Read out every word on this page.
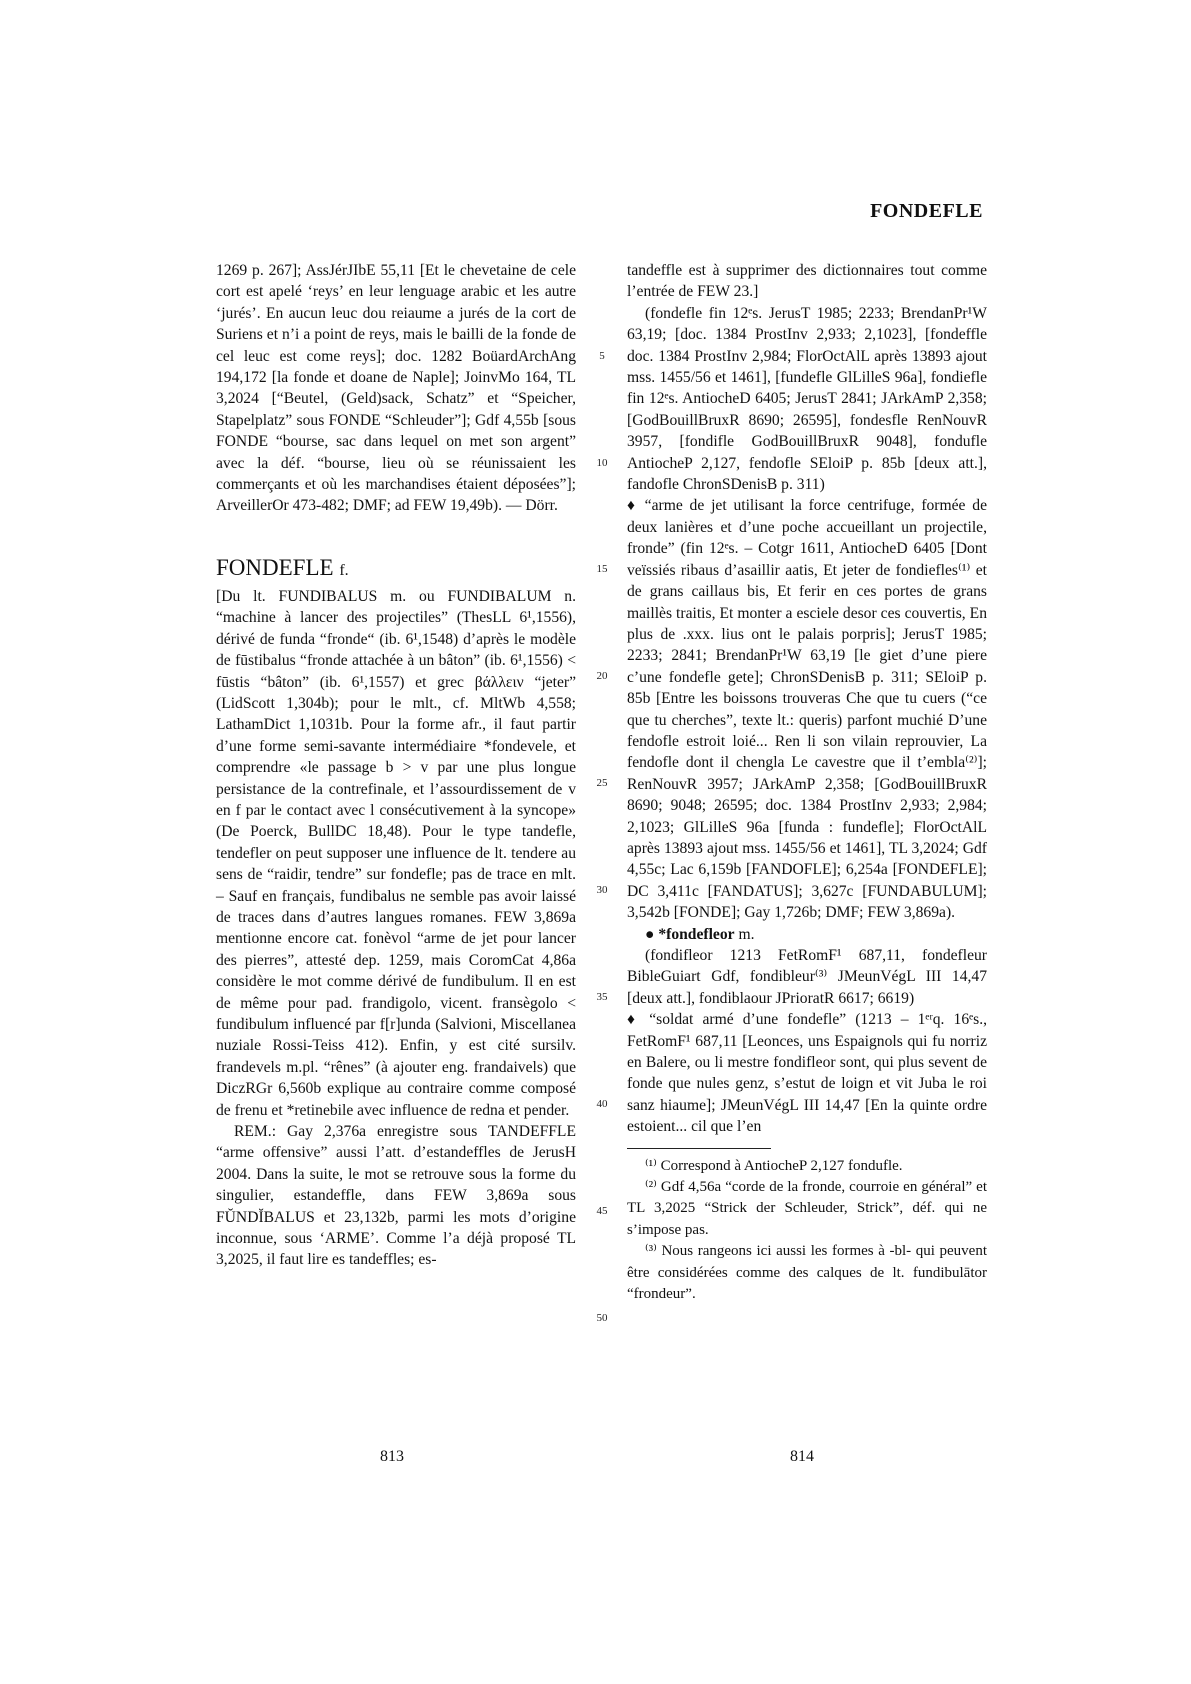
FONDEFLE

1269 p. 267]; AssJérJIbE 55,11 [Et le chevetaine de cele cort est apelé ‘reys’ en leur lenguage arabic et les autre ‘jurés’. En aucun leuc dou reiaume a jurés de la cort de Suriens et n’i a point de reys, mais le bailli de la fonde de cel leuc est come reys]; doc. 1282 BoüardArchAng 194,172 [la fonde et doane de Naple]; JoinvMo 164, TL 3,2024 [“Beutel, (Geld)sack, Schatz” et “Speicher, Stapelplatz” sous FONDE “Schleuder”]; Gdf 4,55b [sous FONDE “bourse, sac dans lequel on met son argent” avec la déf. “bourse, lieu où se réunissaient les commerçants et où les marchandises étaient déposées”]; ArveillerOr 473-482; DMF; ad FEW 19,49b). — Dörr.

FONDEFLE f.

[Du lt. FUNDIBALUS m. ou FUNDIBALUM n. “machine à lancer des projectiles” (ThesLL 6¹,1556), dérivé de funda “fronde“ (ib. 6¹,1548) d’après le modèle de fūstibalus “fronde attachée à un bâton” (ib. 6¹,1556) < fūstis “bâton” (ib. 6¹,1557) et grec βάλλειν “jeter” (LidScott 1,304b); pour le mlt., cf. MltWb 4,558; LathamDict 1,1031b. Pour la forme afr., il faut partir d’une forme semi-savante intermédiaire *fondevele, et comprendre «le passage b > v par une plus longue persistance de la contrefinale, et l’assourdissement de v en f par le contact avec l consécutivement à la syncope» (De Poerck, BullDC 18,48). Pour le type tandefle, tendefler on peut supposer une influence de lt. tendere au sens de “raidir, tendre” sur fondefle; pas de trace en mlt. – Sauf en français, fundibalus ne semble pas avoir laissé de traces dans d’autres langues romanes. FEW 3,869a mentionne encore cat. fonèvol “arme de jet pour lancer des pierres”, attesté dep. 1259, mais CoromCat 4,86a considère le mot comme dérivé de fundibulum. Il en est de même pour pad. frandigolo, vicent. fransègolo < fundibulum influencé par f[r]unda (Salvioni, Miscellanea nuziale Rossi-Teiss 412). Enfin, y est cité sursilv. frandevels m.pl. “rênes” (à ajouter eng. frandaivels) que DiczRGr 6,560b explique au contraire comme composé de frenu et *retinebile avec influence de redna et pender.

REM.: Gay 2,376a enregistre sous TANDEFFLE “arme offensive” aussi l’att. d’estandeffles de JerusH 2004. Dans la suite, le mot se retrouve sous la forme du singulier, estandeffle, dans FEW 3,869a sous FŬNDĬBALUS et 23,132b, parmi les mots d’origine inconnue, sous ‘ARME’. Comme l’a déjà proposé TL 3,2025, il faut lire es tandeffles; es-

5
10
15
20
25
30
35
40
45
50

tandeffle est à supprimer des dictionnaires tout comme l’entrée de FEW 23.]

(fondefle fin 12ᵉs. JerusT 1985; 2233; BrendanPr¹W 63,19; [doc. 1384 ProstInv 2,933; 2,1023], [fondeffle doc. 1384 ProstInv 2,984; FlorOctAlL après 13893 ajout mss. 1455/56 et 1461], [fundefle GlLilleS 96a], fondiefle fin 12ᵉs. AntiocheD 6405; JerusT 2841; JArkAmP 2,358; [GodBouillBruxR 8690; 26595], fondesfle RenNouvR 3957, [fondifle GodBouillBruxR 9048], fondufle AntiocheP 2,127, fendofle SEloiP p. 85b [deux att.], fandofle ChronSDenisB p. 311)

♦ “arme de jet utilisant la force centrifuge, formée de deux lanières et d’une poche accueillant un projectile, fronde” (fin 12ᵉs. – Cotgr 1611, AntiocheD 6405 [Dont veïssiés ribaus d’asaillir aatis, Et jeter de fondiefles⁽¹⁾ et de grans caillaus bis, Et ferir en ces portes de grans maillès traitis, Et monter a esciele desor ces couvertis, En plus de .xxx. lius ont le palais porpris]; JerusT 1985; 2233; 2841; BrendanPr¹W 63,19 [le giet d’une piere c’une fondefle gete]; ChronSDenisB p. 311; SEloiP p. 85b [Entre les boissons trouveras Che que tu cuers (“ce que tu cherches”, texte lt.: queris) parfont muchié D’une fendofle estroit loié... Ren li son vilain reprouvier, La fendofle dont il chengla Le cavestre que il t’embla⁽²⁾]; RenNouvR 3957; JArkAmP 2,358; [GodBouillBruxR 8690; 9048; 26595; doc. 1384 ProstInv 2,933; 2,984; 2,1023; GlLilleS 96a [funda : fundefle]; FlorOctAlL après 13893 ajout mss. 1455/56 et 1461], TL 3,2024; Gdf 4,55c; Lac 6,159b [FANDOFLE]; 6,254a [FONDEFLE]; DC 3,411c [FANDATUS]; 3,627c [FUNDABULUM]; 3,542b [FONDE]; Gay 1,726b; DMF; FEW 3,869a).

● *fondefleor m.

(fondifleor 1213 FetRomF¹ 687,11, fondefleur BibleGuiart Gdf, fondibleur⁽³⁾ JMeunVégL III 14,47 [deux att.], fondiblaour JPrioratR 6617; 6619)

♦ “soldat armé d’une fondefle” (1213 – 1ᵉʳq. 16ᵉs., FetRomF¹ 687,11 [Leonces, uns Espaignols qui fu norriz en Balere, ou li mestre fondifleor sont, qui plus sevent de fonde que nules genz, s’estut de loign et vit Juba le roi sanz hiaume]; JMeunVégL III 14,47 [En la quinte ordre estoient... cil que l’en

⁽¹⁾ Correspond à AntiocheP 2,127 fondufle.

⁽²⁾ Gdf 4,56a “corde de la fronde, courroie en général” et TL 3,2025 “Strick der Schleuder, Strick”, déf. qui ne s’impose pas.

⁽³⁾ Nous rangeons ici aussi les formes à -bl- qui peuvent être considérées comme des calques de lt. fundibulātor “frondeur”.

813	814
